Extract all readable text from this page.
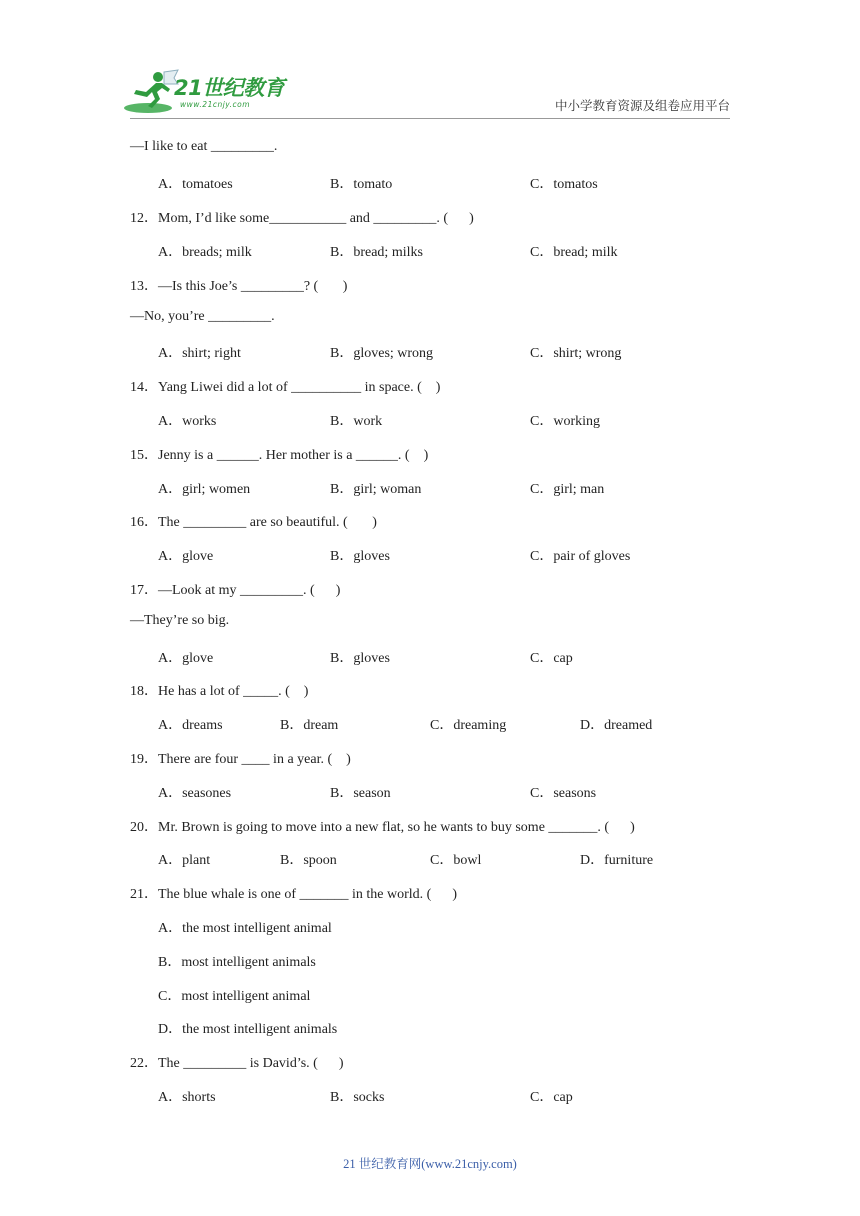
21世纪教育
www.21cnjy.com	中小学教育资源及组卷应用平台
—I like to eat _________.
A．tomatoes	B．tomato	C．tomatos
12．Mom, I’d like some___________ and _________. (      )
A．breads; milk	B．bread; milks	C．bread; milk
13．—Is this Joe’s _________? (       )
—No, you’re _________.
A．shirt; right	B．gloves; wrong	C．shirt; wrong
14．Yang Liwei did a lot of __________ in space. (    )
A．works	B．work	C．working
15．Jenny is a ______. Her mother is a ______. (    )
A．girl; women	B．girl; woman	C．girl; man
16．The _________ are so beautiful. (       )
A．glove	B．gloves	C．pair of gloves
17．—Look at my _________. (      )
—They’re so big.
A．glove	B．gloves	C．cap
18．He has a lot of _____. (    )
A．dreams	B．dream	C．dreaming	D．dreamed
19．There are four ____ in a year. (    )
A．seasones	B．season	C．seasons
20．Mr. Brown is going to move into a new flat, so he wants to buy some _______. (      )
A．plant	B．spoon	C．bowl	D．furniture
21．The blue whale is one of _______ in the world. (      )
A．the most intelligent animal
B．most intelligent animals
C．most intelligent animal
D．the most intelligent animals
22．The _________ is David’s. (      )
A．shorts	B．socks	C．cap
21 世纪教育网(www.21cnjy.com)
